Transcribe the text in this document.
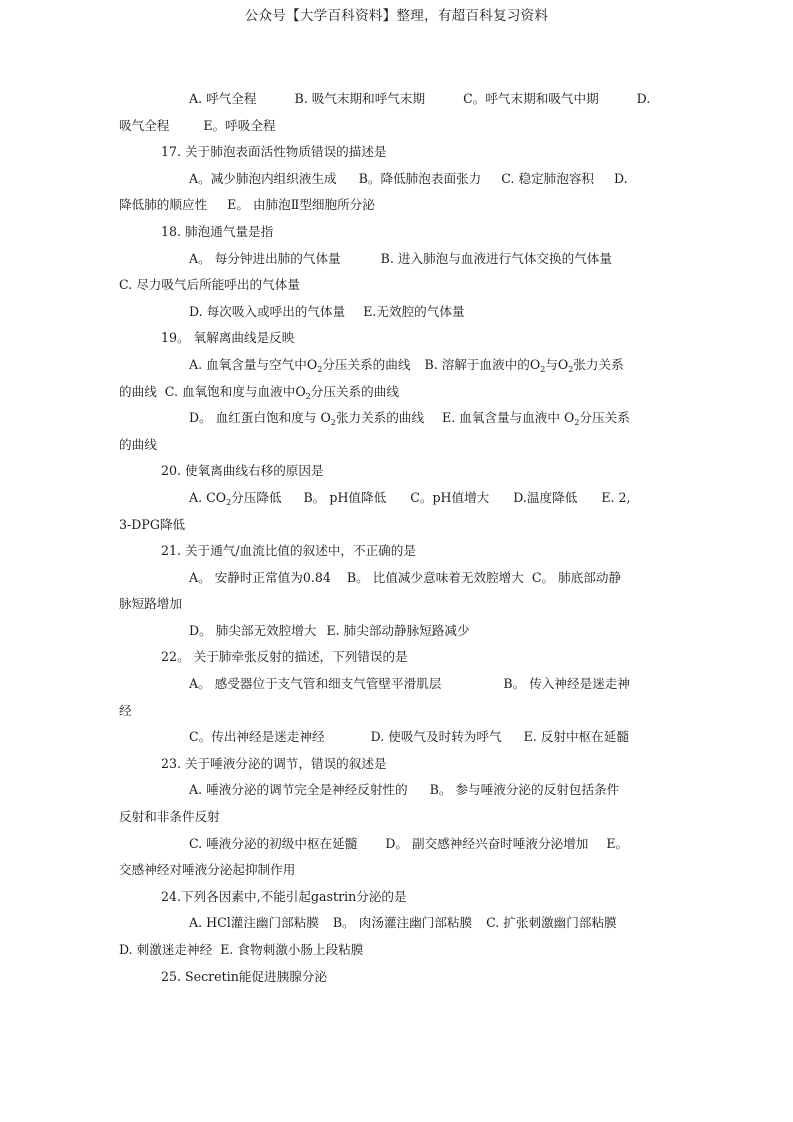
公众号【大学百科资料】整理，有超百科复习资料
A. 呼气全程	B. 吸气末期和呼气末期	C。呼气末期和吸气中期	D.
吸气全程	E。呼吸全程
17. 关于肺泡表面活性物质错误的描述是
A。减少肺泡内组织液生成 B。降低肺泡表面张力 C. 稳定肺泡容积 D.
降低肺的顺应性 E。 由肺泡Ⅱ型细胞所分泌
18. 肺泡通气量是指
A。 每分钟进出肺的气体量	B. 进入肺泡与血液进行气体交换的气体量
C. 尽力吸气后所能呼出的气体量
D. 每次吸入或呼出的气体量 E.无效腔的气体量
19。 氧解离曲线是反映
A. 血氧含量与空气中$O_2$分压关系的曲线 B. 溶解于血液中的$O_2$与$O_2$张力关系
的曲线 C. 血氧饱和度与血液中$O_2$分压关系的曲线
D。 血红蛋白饱和度与 $O_2$张力关系的曲线 E. 血氧含量与血液中 $O_2$分压关系
的曲线
20. 使氧离曲线右移的原因是
A. $CO_2$分压降低 B。 pH值降低 C。pH值增大 D.温度降低 E. 2,
3-DPG降低
21. 关于通气/血流比值的叙述中，不正确的是
A。 安静时正常值为0.84 B。 比值减少意味着无效腔增大 C。 肺底部动静
脉短路增加
D。 肺尖部无效腔增大 E. 肺尖部动静脉短路减少
22。 关于肺牵张反射的描述，下列错误的是
A。 感受器位于支气管和细支气管壁平滑肌层	B。 传入神经是迷走神
经
C。传出神经是迷走神经	D. 使吸气及时转为呼气 E. 反射中枢在延髓
23. 关于唾液分泌的调节，错误的叙述是
A. 唾液分泌的调节完全是神经反射性的 B。 参与唾液分泌的反射包括条件
反射和非条件反射
C. 唾液分泌的初级中枢在延髓 D。 副交感神经兴奋时唾液分泌增加 E。
交感神经对唾液分泌起抑制作用
24.下列各因素中,不能引起gastrin分泌的是
A. HCl灌注幽门部粘膜 B。 肉汤灌注幽门部粘膜 C. 扩张刺激幽门部粘膜
D. 刺激迷走神经 E. 食物刺激小肠上段粘膜
25. Secretin能促进胰腺分泌
